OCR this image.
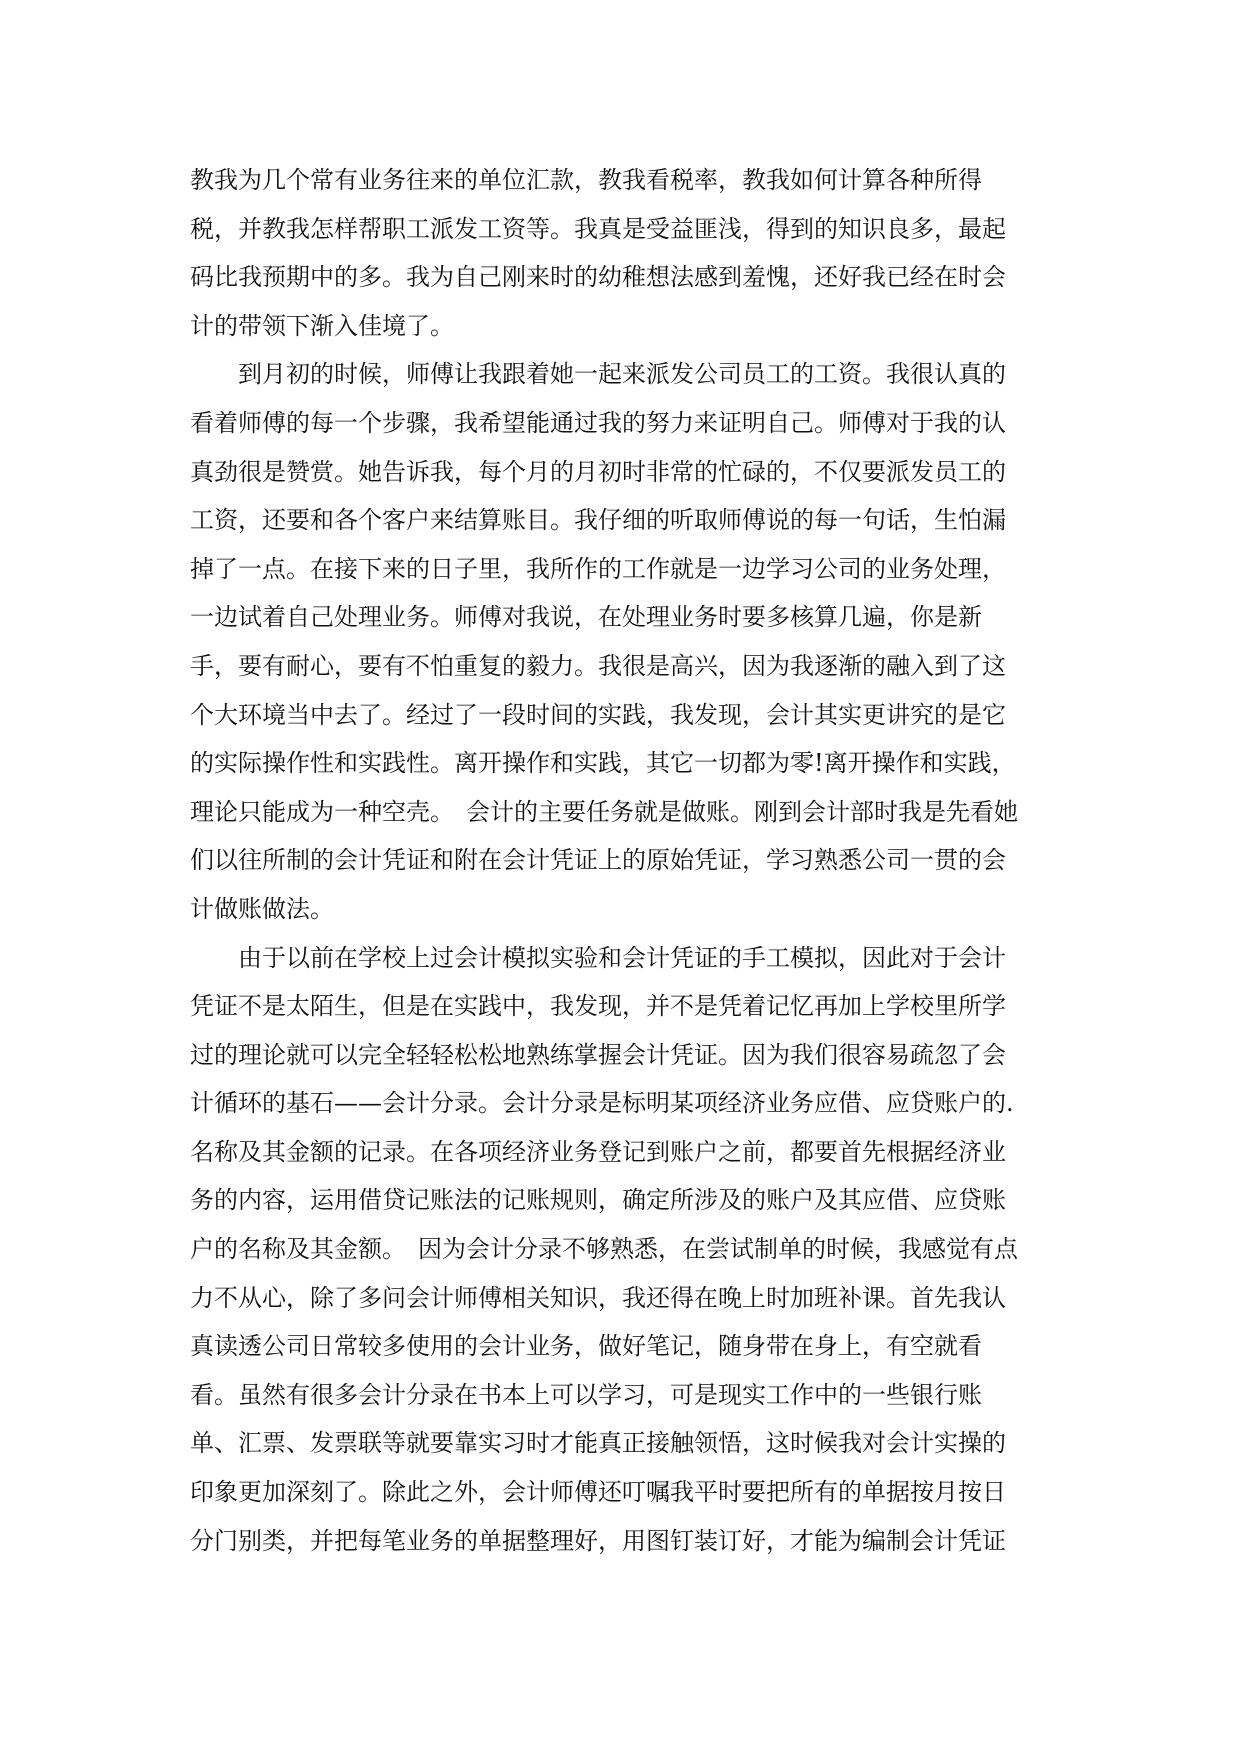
教我为几个常有业务往来的单位汇款，教我看税率，教我如何计算各种所得
税，并教我怎样帮职工派发工资等。我真是受益匪浅，得到的知识良多，最起
码比我预期中的多。我为自己刚来时的幼稚想法感到羞愧，还好我已经在时会
计的带领下渐入佳境了。
　　到月初的时候，师傅让我跟着她一起来派发公司员工的工资。我很认真的
看着师傅的每一个步骤，我希望能通过我的努力来证明自己。师傅对于我的认
真劲很是赞赏。她告诉我，每个月的月初时非常的忙碌的，不仅要派发员工的
工资，还要和各个客户来结算账目。我仔细的听取师傅说的每一句话，生怕漏
掉了一点。在接下来的日子里，我所作的工作就是一边学习公司的业务处理，
一边试着自己处理业务。师傅对我说，在处理业务时要多核算几遍，你是新
手，要有耐心，要有不怕重复的毅力。我很是高兴，因为我逐渐的融入到了这
个大环境当中去了。经过了一段时间的实践，我发现，会计其实更讲究的是它
的实际操作性和实践性。离开操作和实践，其它一切都为零!离开操作和实践，
理论只能成为一种空壳。　会计的主要任务就是做账。刚到会计部时我是先看她
们以往所制的会计凭证和附在会计凭证上的原始凭证，学习熟悉公司一贯的会
计做账做法。
　　由于以前在学校上过会计模拟实验和会计凭证的手工模拟，因此对于会计
凭证不是太陌生，但是在实践中，我发现，并不是凭着记忆再加上学校里所学
过的理论就可以完全轻轻松松地熟练掌握会计凭证。因为我们很容易疏忽了会
计循环的基石——会计分录。会计分录是标明某项经济业务应借、应贷账户的.
名称及其金额的记录。在各项经济业务登记到账户之前，都要首先根据经济业
务的内容，运用借贷记账法的记账规则，确定所涉及的账户及其应借、应贷账
户的名称及其金额。　因为会计分录不够熟悉，在尝试制单的时候，我感觉有点
力不从心，除了多问会计师傅相关知识，我还得在晚上时加班补课。首先我认
真读透公司日常较多使用的会计业务，做好笔记，随身带在身上，有空就看
看。虽然有很多会计分录在书本上可以学习，可是现实工作中的一些银行账
单、汇票、发票联等就要靠实习时才能真正接触领悟，这时候我对会计实操的
印象更加深刻了。除此之外，会计师傅还叮嘱我平时要把所有的单据按月按日
分门别类，并把每笔业务的单据整理好，用图钉装订好，才能为编制会计凭证
